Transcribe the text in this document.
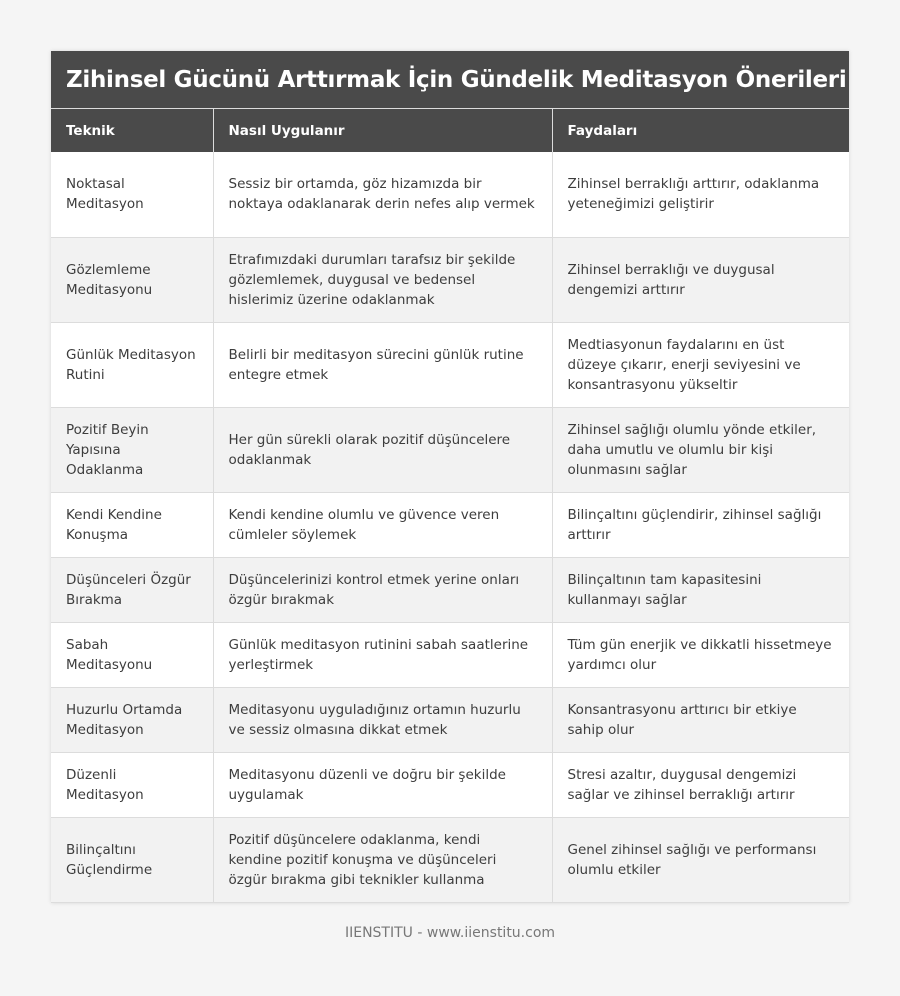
Zihinsel Gücünü Arttırmak İçin Gündelik Meditasyon Önerileri
Teknik	Nasıl Uygulanır	Faydaları
Noktasal Meditasyon	Sessiz bir ortamda, göz hizamızda bir noktaya odaklanarak derin nefes alıp vermek	Zihinsel berraklığı arttırır, odaklanma yeteneğimizi geliştirir
Gözlemleme Meditasyonu	Etrafımızdaki durumları tarafsız bir şekilde gözlemlemek, duygusal ve bedensel hislerimiz üzerine odaklanmak	Zihinsel berraklığı ve duygusal dengemizi arttırır
Günlük Meditasyon Rutini	Belirli bir meditasyon sürecini günlük rutine entegre etmek	Medtiasyonun faydalarını en üst düzeye çıkarır, enerji seviyesini ve konsantrasyonu yükseltir
Pozitif Beyin Yapısına Odaklanma	Her gün sürekli olarak pozitif düşüncelere odaklanmak	Zihinsel sağlığı olumlu yönde etkiler, daha umutlu ve olumlu bir kişi olunmasını sağlar
Kendi Kendine Konuşma	Kendi kendine olumlu ve güvence veren cümleler söylemek	Bilinçaltını güçlendirir, zihinsel sağlığı arttırır
Düşünceleri Özgür Bırakma	Düşüncelerinizi kontrol etmek yerine onları özgür bırakmak	Bilinçaltının tam kapasitesini kullanmayı sağlar
Sabah Meditasyonu	Günlük meditasyon rutinini sabah saatlerine yerleştirmek	Tüm gün enerjik ve dikkatli hissetmeye yardımcı olur
Huzurlu Ortamda Meditasyon	Meditasyonu uyguladığınız ortamın huzurlu ve sessiz olmasına dikkat etmek	Konsantrasyonu arttırıcı bir etkiye sahip olur
Düzenli Meditasyon	Meditasyonu düzenli ve doğru bir şekilde uygulamak	Stresi azaltır, duygusal dengemizi sağlar ve zihinsel berraklığı artırır
Bilinçaltını Güçlendirme	Pozitif düşüncelere odaklanma, kendi kendine pozitif konuşma ve düşünceleri özgür bırakma gibi teknikler kullanma	Genel zihinsel sağlığı ve performansı olumlu etkiler
IIENSTITU - www.iienstitu.com
